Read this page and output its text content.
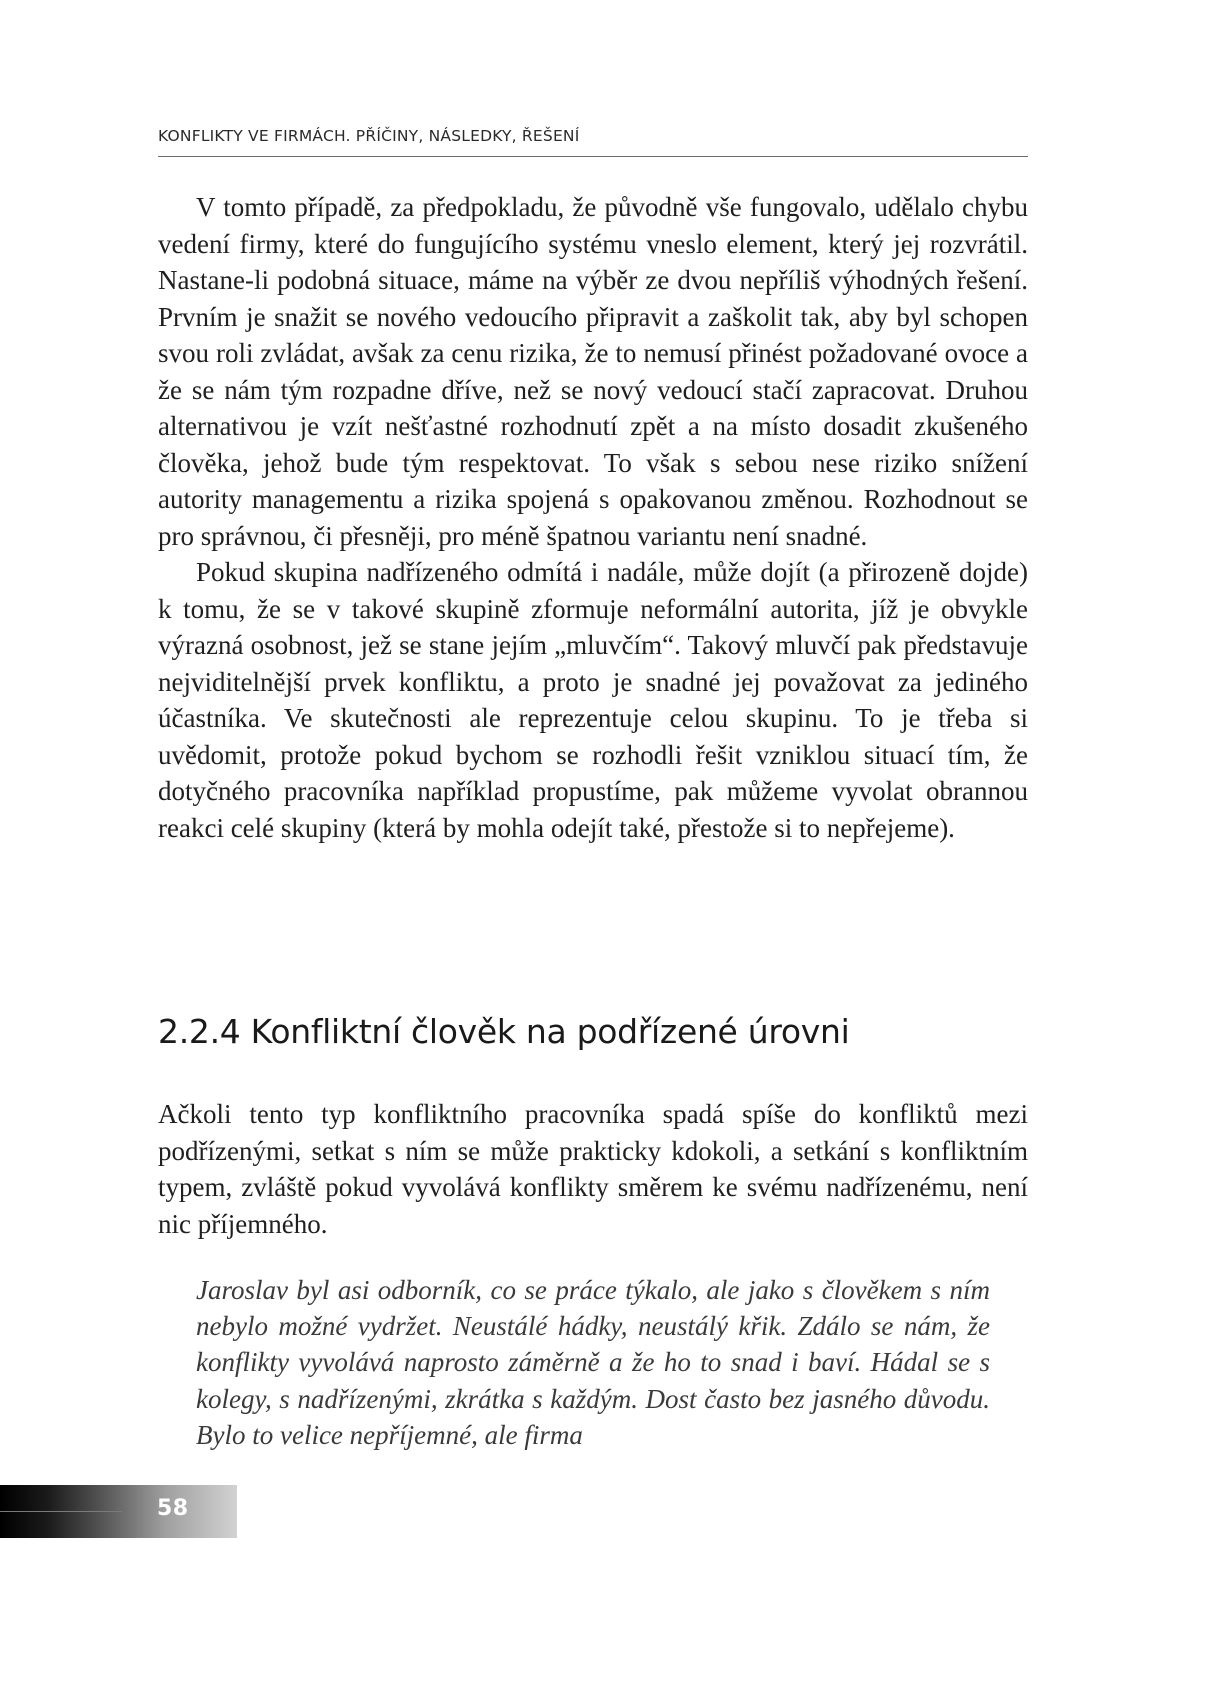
KONFLIKTY VE FIRMÁCH. PŘÍČINY, NÁSLEDKY, ŘEŠENÍ

V tomto případě, za předpokladu, že původně vše fungovalo, udělalo chybu vedení firmy, které do fungujícího systému vneslo element, který jej rozvrátil. Nastane-li podobná situace, máme na výběr ze dvou nepříliš výhodných řešení. Prvním je snažit se nového vedoucího připravit a zaškolit tak, aby byl schopen svou roli zvládat, avšak za cenu rizika, že to nemusí přinést požadované ovoce a že se nám tým rozpadne dříve, než se nový vedoucí stačí zapracovat. Druhou alternativou je vzít nešťastné rozhodnutí zpět a na místo dosadit zkušeného člověka, jehož bude tým respektovat. To však s sebou nese riziko snížení autority managementu a rizika spojená s opakovanou změnou. Rozhodnout se pro správnou, či přesněji, pro méně špatnou variantu není snadné.

Pokud skupina nadřízeného odmítá i nadále, může dojít (a přirozeně dojde) k tomu, že se v takové skupině zformuje neformální autorita, jíž je obvykle výrazná osobnost, jež se stane jejím „mluvčím“. Takový mluvčí pak představuje nejviditelnější prvek konfliktu, a proto je snadné jej považovat za jediného účastníka. Ve skutečnosti ale reprezentuje celou skupinu. To je třeba si uvědomit, protože pokud bychom se rozhodli řešit vzniklou situací tím, že dotyčného pracovníka například propustíme, pak můžeme vyvolat obrannou reakci celé skupiny (která by mohla odejít také, přestože si to nepřejeme).

2.2.4 Konfliktní člověk na podřízené úrovni

Ačkoli tento typ konfliktního pracovníka spadá spíše do konfliktů mezi podřízenými, setkat s ním se může prakticky kdokoli, a setkání s konfliktním typem, zvláště pokud vyvolává konflikty směrem ke svému nadřízenému, není nic příjemného.

Jaroslav byl asi odborník, co se práce týkalo, ale jako s člověkem s ním nebylo možné vydržet. Neustálé hádky, neustálý křik. Zdálo se nám, že konflikty vyvolává naprosto záměrně a že ho to snad i baví. Hádal se s kolegy, s nadřízenými, zkrátka s každým. Dost často bez jasného důvodu. Bylo to velice nepříjemné, ale firma

58
